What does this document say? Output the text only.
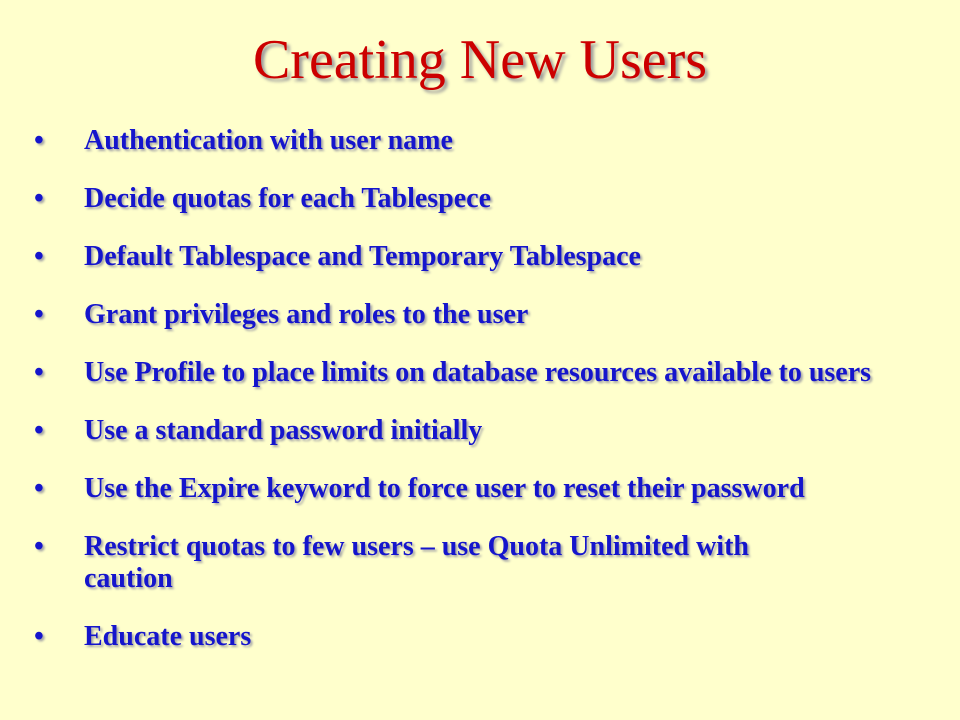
Creating New Users
• Authentication with user name
• Decide quotas for each Tablespece
• Default Tablespace and Temporary Tablespace
• Grant privileges and roles to the user
• Use Profile to place limits on database resources available to users
• Use a standard password initially
• Use the Expire keyword to force user to reset their password
• Restrict quotas to few users – use Quota Unlimited with caution
• Educate users
